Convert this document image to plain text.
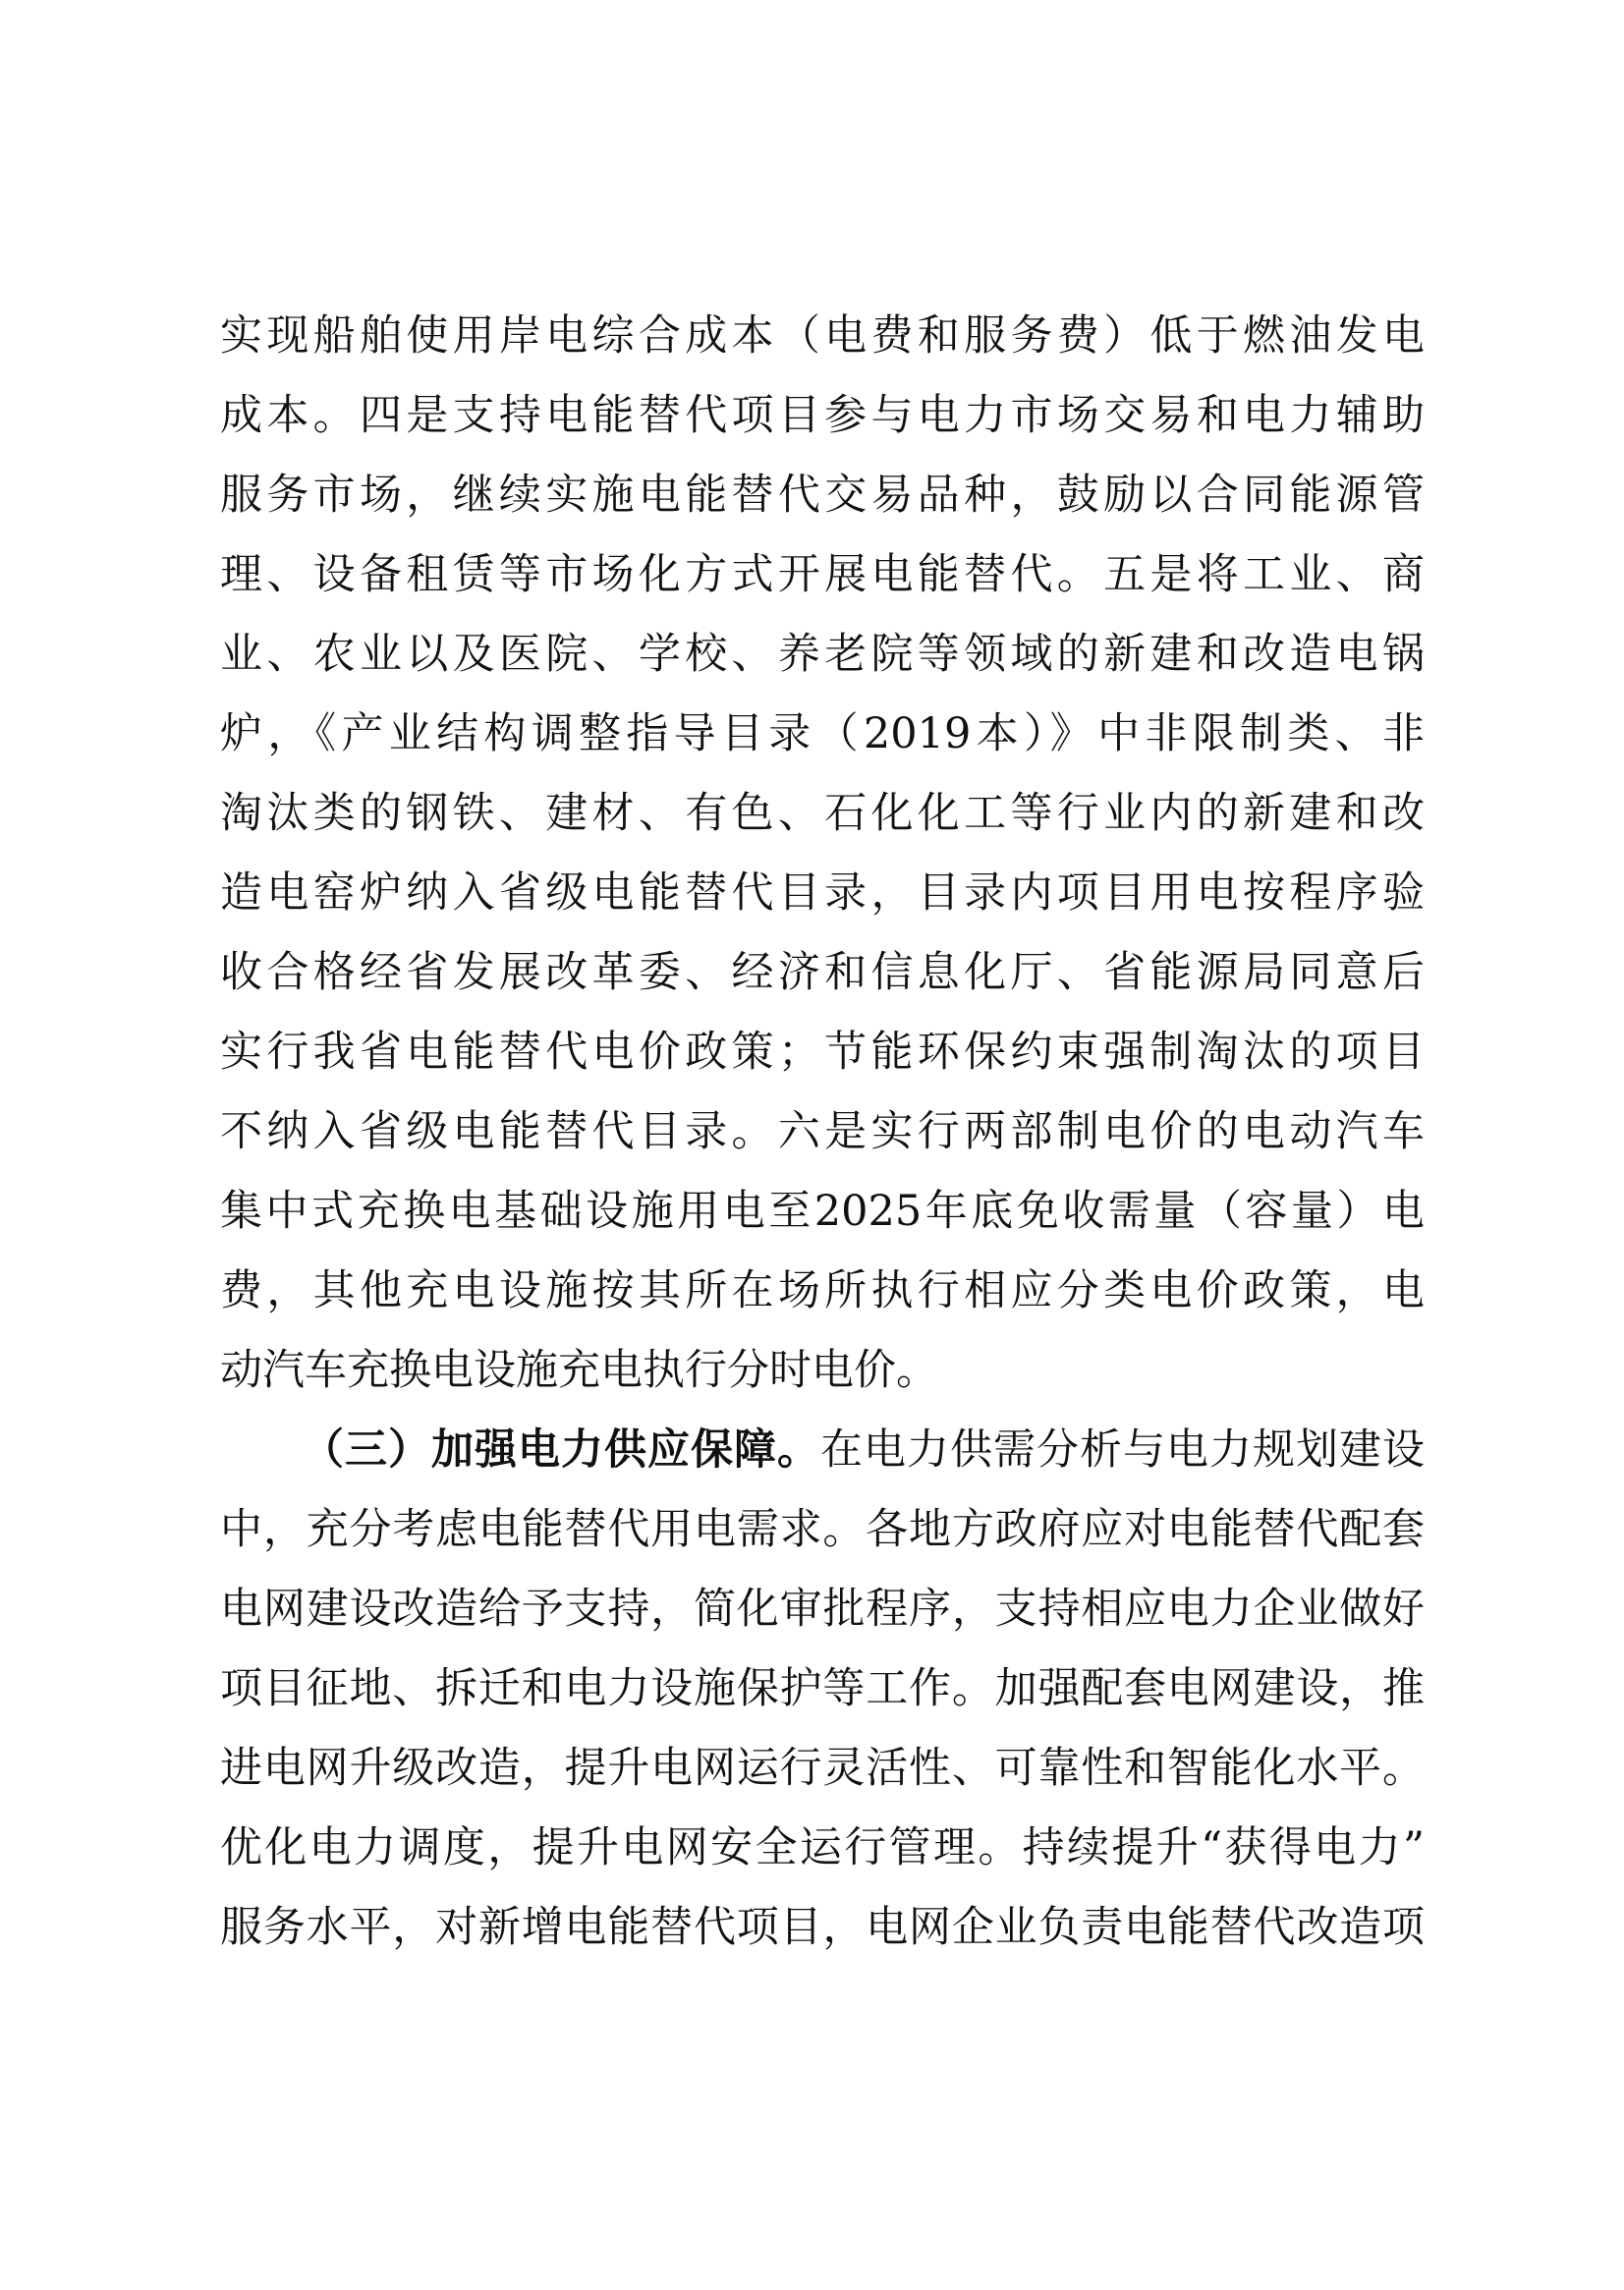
实现船舶使用岸电综合成本（电费和服务费）低于燃油发电
成本。四是支持电能替代项目参与电力市场交易和电力辅助
服务市场，继续实施电能替代交易品种，鼓励以合同能源管
理、设备租赁等市场化方式开展电能替代。五是将工业、商
业、农业以及医院、学校、养老院等领域的新建和改造电锅
炉，《产业结构调整指导目录（2019本）》中非限制类、非
淘汰类的钢铁、建材、有色、石化化工等行业内的新建和改
造电窑炉纳入省级电能替代目录，目录内项目用电按程序验
收合格经省发展改革委、经济和信息化厅、省能源局同意后
实行我省电能替代电价政策；节能环保约束强制淘汰的项目
不纳入省级电能替代目录。六是实行两部制电价的电动汽车
集中式充换电基础设施用电至2025年底免收需量（容量）电
费，其他充电设施按其所在场所执行相应分类电价政策，电
动汽车充换电设施充电执行分时电价。
（三）加强电力供应保障。在电力供需分析与电力规划建设
中，充分考虑电能替代用电需求。各地方政府应对电能替代配套
电网建设改造给予支持，简化审批程序，支持相应电力企业做好
项目征地、拆迁和电力设施保护等工作。加强配套电网建设，推
进电网升级改造，提升电网运行灵活性、可靠性和智能化水平。
优化电力调度，提升电网安全运行管理。持续提升“获得电力”
服务水平，对新增电能替代项目，电网企业负责电能替代改造项
